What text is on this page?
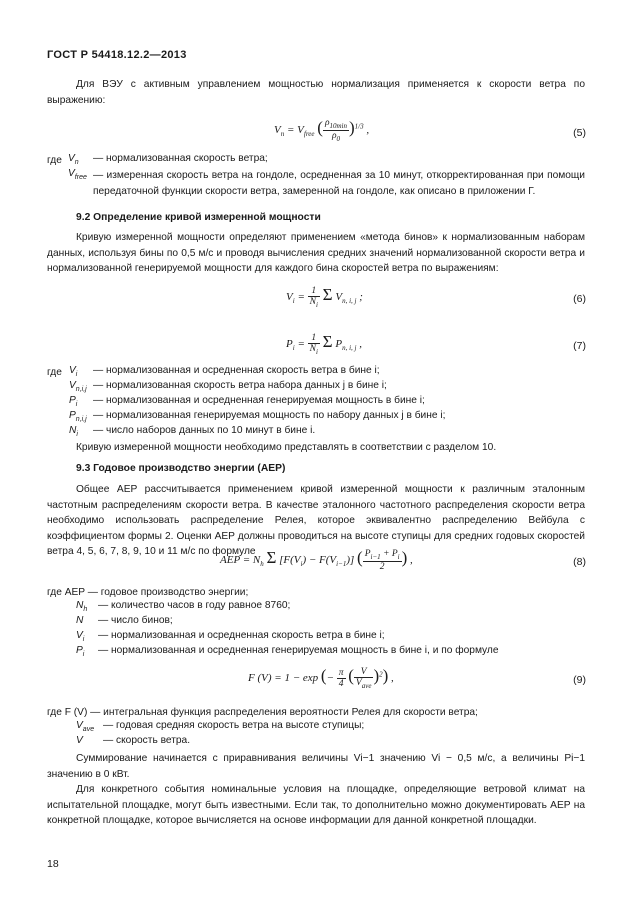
ГОСТ Р 54418.12.2—2013
Для ВЭУ с активным управлением мощностью нормализация применяется к скорости ветра по выражению:
$V_n = V_{free}$ ( $\frac{\rho_{10min}}{\rho_0} )^{1/3}$ ,	(5)
где $V_n$ — нормализованная скорость ветра;
$V_{free}$ — измеренная скорость ветра на гондоле, осредненная за 10 минут, откорректированная при помощи передаточной функции скорости ветра, замеренной на гондоле, как описано в приложении Г.
9.2 Определение кривой измеренной мощности
Кривую измеренной мощности определяют применением «метода бинов» к нормализованным наборам данных, используя бины по 0,5 м/с и проводя вычисления средних значений нормализованной скорости ветра и нормализованной генерируемой мощности для каждого бина скоростей ветра по выражениям:
$V_i = \frac{1}{N_i}$ Σ $V_{n, i, j}$ ;	(6)
$P_i = \frac{1}{N_i}$ Σ $P_{n, i, j}$ ,	(7)
где $V_i$ — нормализованная и осредненная скорость ветра в бине i;
$V_{n,i,j}$ — нормализованная скорость ветра набора данных j в бине i;
$P_i$ — нормализованная и осредненная генерируемая мощность в бине i;
$P_{n,i,j}$ — нормализованная генерируемая мощность по набору данных j в бине i;
$N_i$ — число наборов данных по 10 минут в бине i.
Кривую измеренной мощности необходимо представлять в соответствии с разделом 10.
9.3 Годовое производство энергии (AEP)
Общее AEP рассчитывается применением кривой измеренной мощности к различным эталонным частотным распределениям скорости ветра. В качестве эталонного частотного распределения скорости ветра необходимо использовать распределение Релея, которое эквивалентно распределению Вейбула с коэффициентом формы 2. Оценки AEP должны проводиться на высоте ступицы для средних годовых скоростей ветра 4, 5, 6, 7, 8, 9, 10 и 11 м/с по формуле
AEP = $N_h$ Σ $[F(V_i) - F(V_{i-1})]$ ( $\frac{P_{i-1} + P_i}{2}$ ) ,	(8)
где AEP — годовое производство энергии;
$N_h$ — количество часов в году равное 8760;
N — число бинов;
$V_i$ — нормализованная и осредненная скорость ветра в бине i;
$P_i$ — нормализованная и осредненная генерируемая мощность в бине i, и по формуле
F (V) = 1 − exp (− $\frac{\pi}{4}$ ( $\frac{V}{V_{ave}} )^2$) ,	(9)
где F (V) — интегральная функция распределения вероятности Релея для скорости ветра;
$V_{ave}$ — годовая средняя скорость ветра на высоте ступицы;
V — скорость ветра.
Суммирование начинается с приравнивания величины Vi−1 значению Vi − 0,5 м/с, а величины Pi−1 значению в 0 кВт.
Для конкретного события номинальные условия на площадке, определяющие ветровой климат на испытательной площадке, могут быть известными. Если так, то дополнительно можно документировать AEP на конкретной площадке, которое вычисляется на основе информации для данной конкретной площадки.
18
